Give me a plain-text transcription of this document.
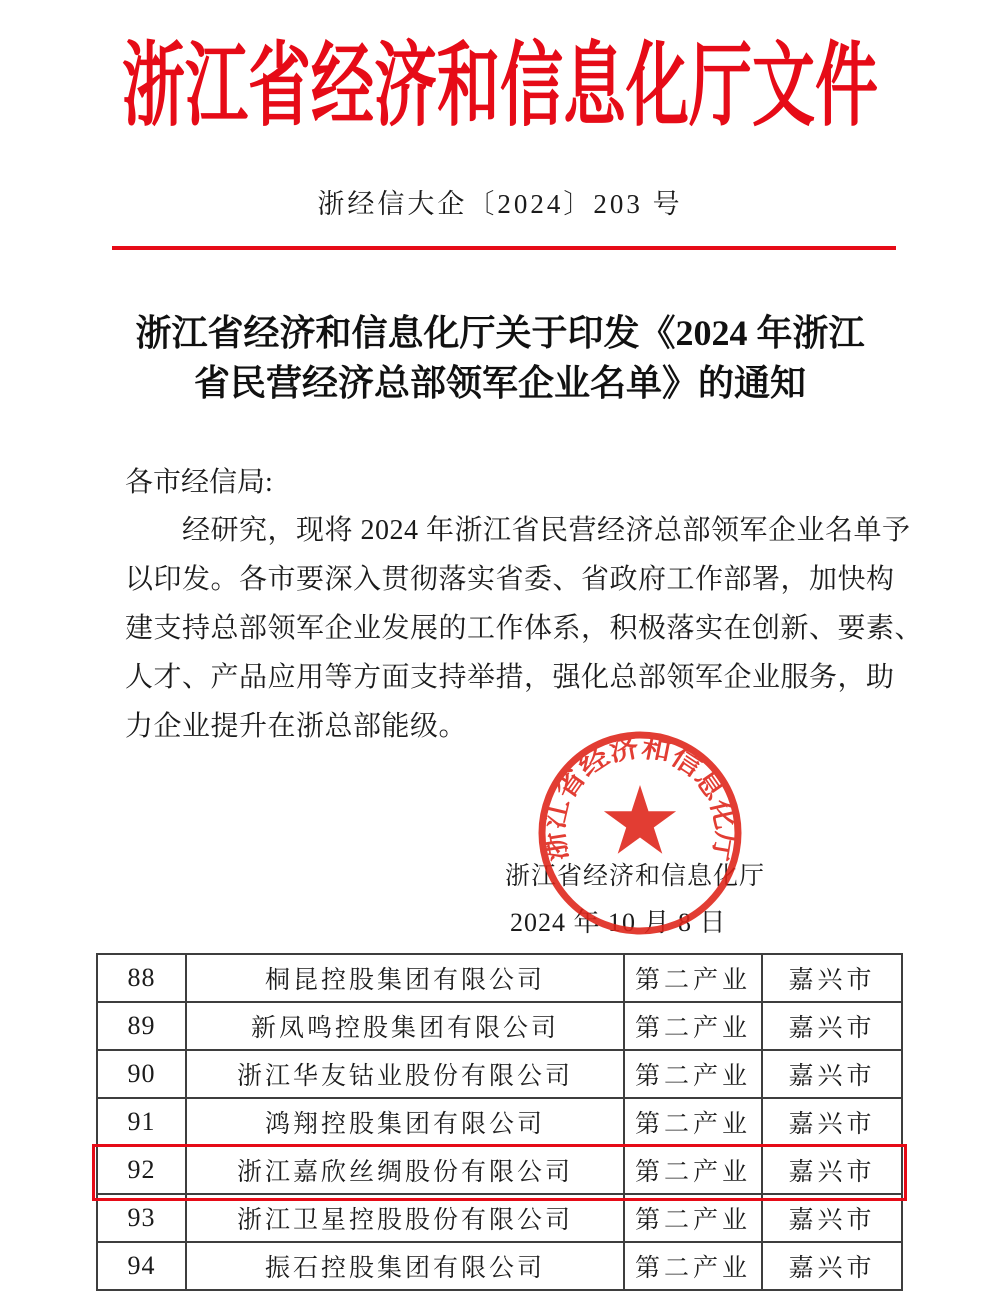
浙江省经济和信息化厅文件
浙经信大企〔2024〕203 号
浙江省经济和信息化厅关于印发《2024 年浙江
省民营经济总部领军企业名单》的通知
各市经信局:
经研究，现将 2024 年浙江省民营经济总部领军企业名单予
以印发。各市要深入贯彻落实省委、省政府工作部署，加快构
建支持总部领军企业发展的工作体系，积极落实在创新、要素、
人才、产品应用等方面支持举措，强化总部领军企业服务，助
力企业提升在浙总部能级。
浙江省经济和信息化厅
2024 年 10 月 8 日
浙江省经济和信息化厅
88	桐昆控股集团有限公司	第二产业	嘉兴市
89	新凤鸣控股集团有限公司	第二产业	嘉兴市
90	浙江华友钴业股份有限公司	第二产业	嘉兴市
91	鸿翔控股集团有限公司	第二产业	嘉兴市
92	浙江嘉欣丝绸股份有限公司	第二产业	嘉兴市
93	浙江卫星控股股份有限公司	第二产业	嘉兴市
94	振石控股集团有限公司	第二产业	嘉兴市
